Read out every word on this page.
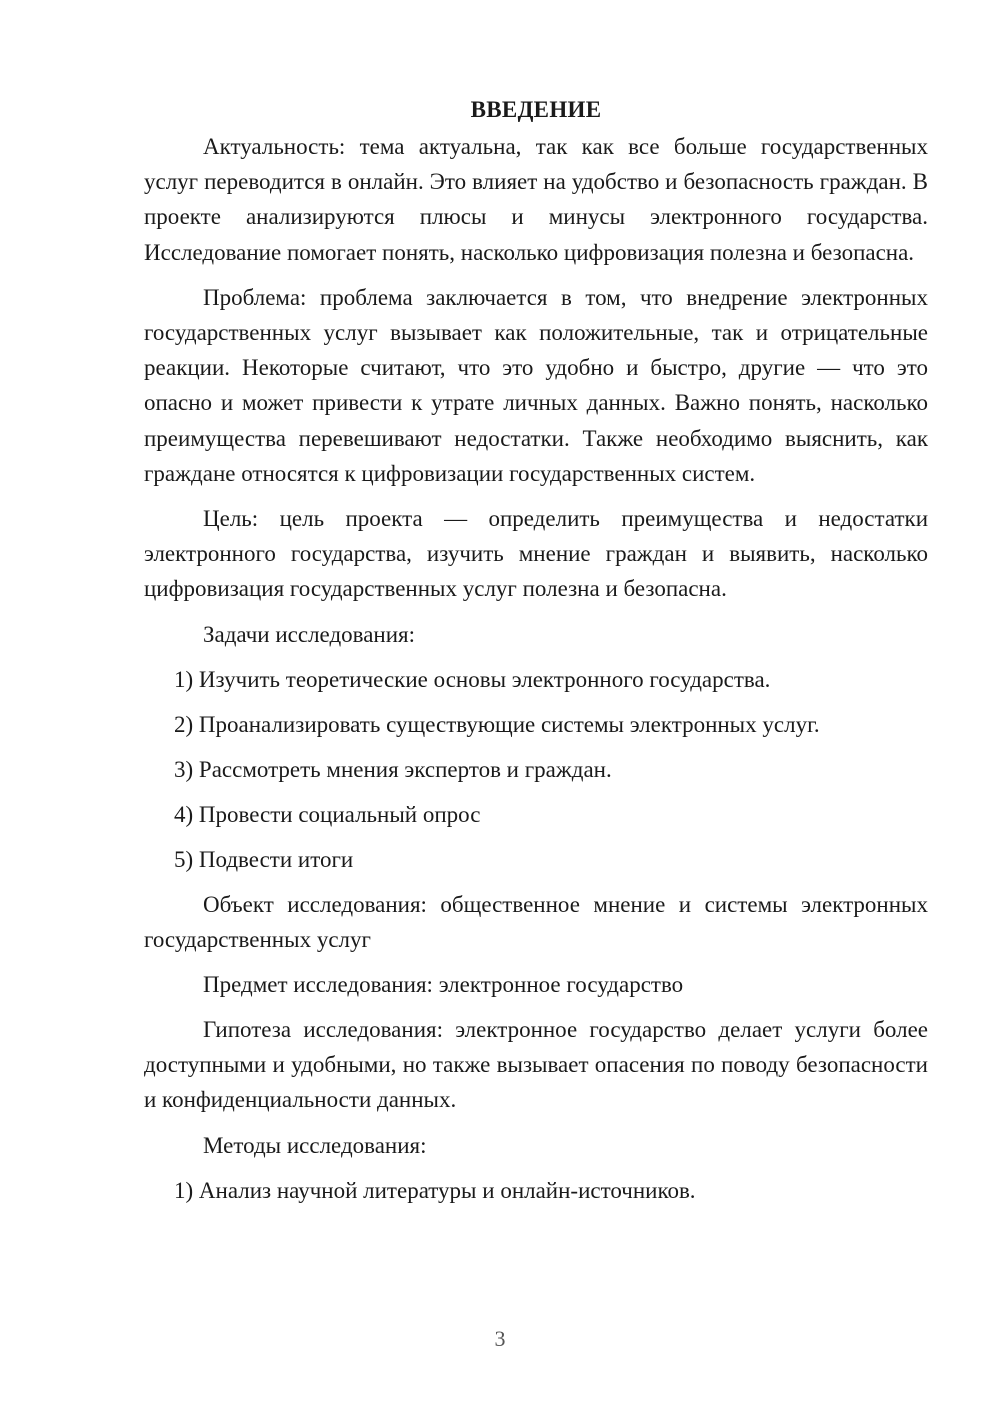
ВВЕДЕНИЕ

Актуальность: тема актуальна, так как все больше государственных услуг переводится в онлайн. Это влияет на удобство и безопасность граждан. В проекте анализируются плюсы и минусы электронного государства. Исследование помогает понять, насколько цифровизация полезна и безопасна.

Проблема: проблема заключается в том, что внедрение электронных государственных услуг вызывает как положительные, так и отрицательные реакции. Некоторые считают, что это удобно и быстро, другие — что это опасно и может привести к утрате личных данных. Важно понять, насколько преимущества перевешивают недостатки. Также необходимо выяснить, как граждане относятся к цифровизации государственных систем.

Цель: цель проекта — определить преимущества и недостатки электронного государства, изучить мнение граждан и выявить, насколько цифровизация государственных услуг полезна и безопасна.

Задачи исследования:

1) Изучить теоретические основы электронного государства.

2) Проанализировать существующие системы электронных услуг.

3) Рассмотреть мнения экспертов и граждан.

4) Провести социальный опрос

5) Подвести итоги

Объект исследования: общественное мнение и системы электронных государственных услуг

Предмет исследования: электронное государство

Гипотеза исследования: электронное государство делает услуги более доступными и удобными, но также вызывает опасения по поводу безопасности и конфиденциальности данных.

Методы исследования:

1) Анализ научной литературы и онлайн-источников.

3
